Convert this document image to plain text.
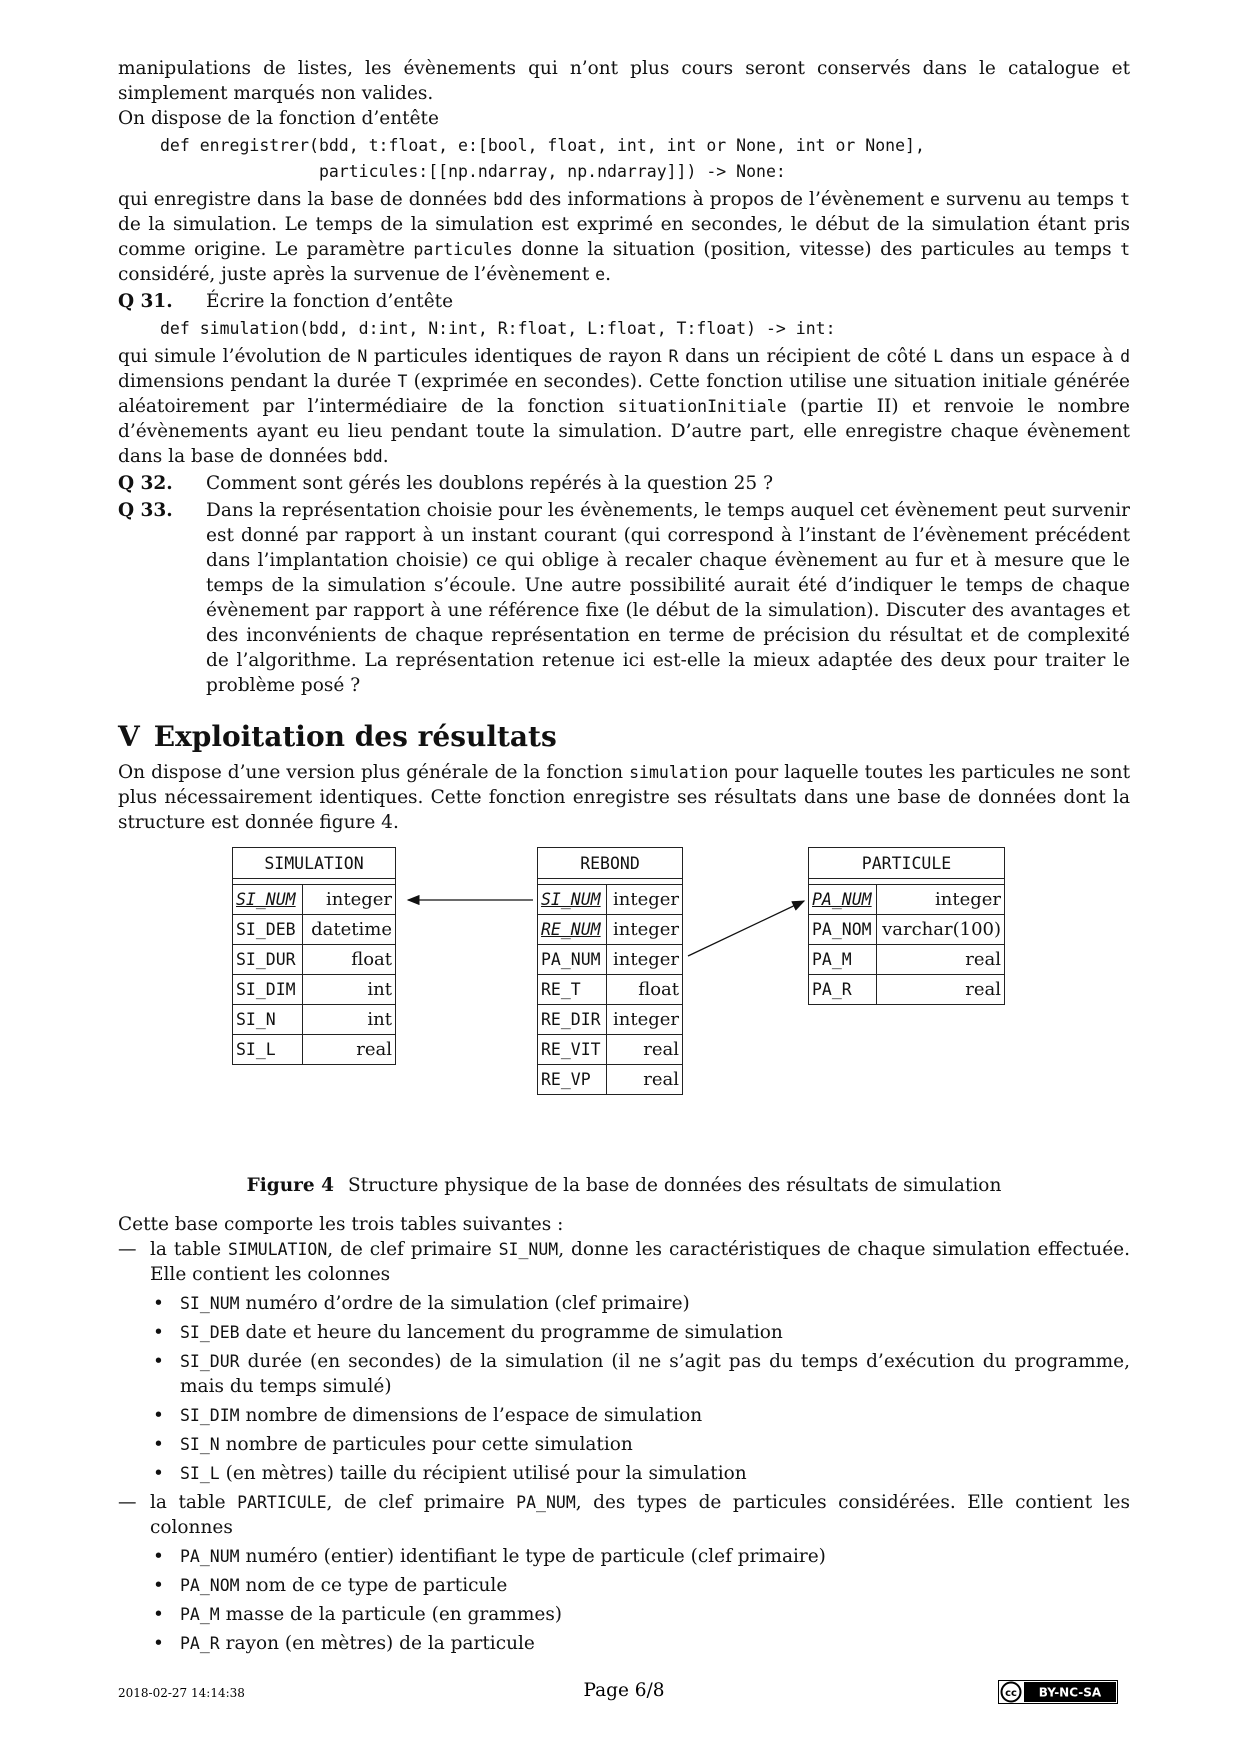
manipulations de listes, les évènements qui n’ont plus cours seront conservés dans le catalogue et simplement marqués non valides.

On dispose de la fonction d’entête

def enregistrer(bdd, t:float, e:[bool, float, int, int or None, int or None],
particules:[[np.ndarray, np.ndarray]]) -> None:

qui enregistre dans la base de données bdd des informations à propos de l’évènement e survenu au temps t de la simulation. Le temps de la simulation est exprimé en secondes, le début de la simulation étant pris comme origine. Le paramètre particules donne la situation (position, vitesse) des particules au temps t considéré, juste après la survenue de l’évènement e.

Q 31.	Écrire la fonction d’entête
def simulation(bdd, d:int, N:int, R:float, L:float, T:float) -> int:

qui simule l’évolution de N particules identiques de rayon R dans un récipient de côté L dans un espace à d dimensions pendant la durée T (exprimée en secondes). Cette fonction utilise une situation initiale générée aléatoirement par l’intermédiaire de la fonction situationInitiale (partie II) et renvoie le nombre d’évènements ayant eu lieu pendant toute la simulation. D’autre part, elle enregistre chaque évènement dans la base de données bdd.

Q 32.	Comment sont gérés les doublons repérés à la question 25 ?
Q 33.	Dans la représentation choisie pour les évènements, le temps auquel cet évènement peut survenir est donné par rapport à un instant courant (qui correspond à l’instant de l’évènement précédent dans l’implantation choisie) ce qui oblige à recaler chaque évènement au fur et à mesure que le temps de la simulation s’écoule. Une autre possibilité aurait été d’indiquer le temps de chaque évènement par rapport à une référence fixe (le début de la simulation). Discuter des avantages et des inconvénients de chaque représentation en terme de précision du résultat et de complexité de l’algorithme. La représentation retenue ici est-elle la mieux adaptée des deux pour traiter le problème posé ?
V Exploitation des résultats

On dispose d’une version plus générale de la fonction simulation pour laquelle toutes les particules ne sont plus nécessairement identiques. Cette fonction enregistre ses résultats dans une base de données dont la structure est donnée figure 4.

SIMULATION	

SI_NUM	integer
SI_DEB	datetime
SI_DUR	float
SI_DIM	int
SI_N	int
SI_L	real
REBOND	

SI_NUM	integer
RE_NUM	integer
PA_NUM	integer
RE_T	float
RE_DIR	integer
RE_VIT	real
RE_VP	real
PARTICULE	

PA_NUM	integer
PA_NOM	varchar(100)
PA_M	real
PA_R	real
Figure 4 Structure physique de la base de données des résultats de simulation

Cette base comporte les trois tables suivantes :

— la table SIMULATION, de clef primaire SI_NUM, donne les caractéristiques de chaque simulation effectuée. Elle contient les colonnes
• SI_NUM numéro d’ordre de la simulation (clef primaire)
• SI_DEB date et heure du lancement du programme de simulation
• SI_DUR durée (en secondes) de la simulation (il ne s’agit pas du temps d’exécution du programme, mais du temps simulé)
• SI_DIM nombre de dimensions de l’espace de simulation
• SI_N nombre de particules pour cette simulation
• SI_L (en mètres) taille du récipient utilisé pour la simulation
— la table PARTICULE, de clef primaire PA_NUM, des types de particules considérées. Elle contient les colonnes
• PA_NUM numéro (entier) identifiant le type de particule (clef primaire)
• PA_NOM nom de ce type de particule
• PA_M masse de la particule (en grammes)
• PA_R rayon (en mètres) de la particule
2018-02-27 14:14:38	Page 6/8	cc BY-NC-SA
